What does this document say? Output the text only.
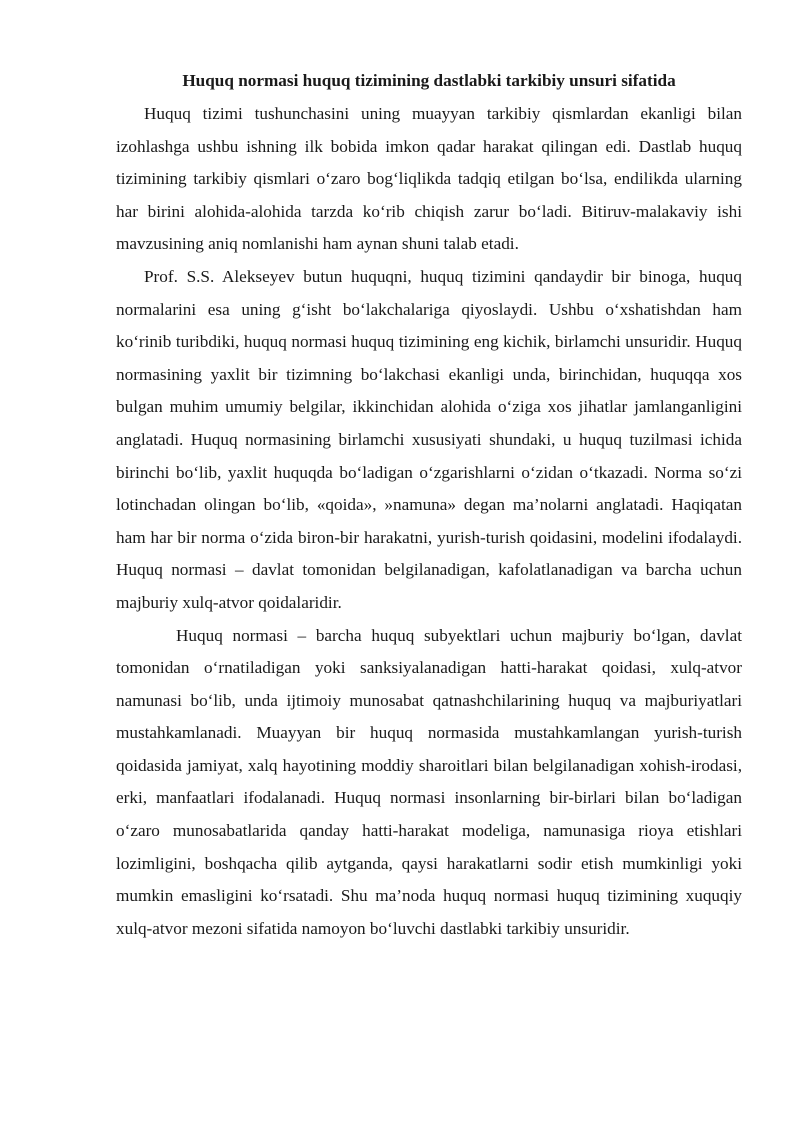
Huquq normasi huquq tizimining dastlabki tarkibiy unsuri sifatida

Huquq tizimi tushunchasini uning muayyan tarkibiy qismlardan ekanligi bilan izohlashga ushbu ishning ilk bobida imkon qadar harakat qilingan edi. Dastlab huquq tizimining tarkibiy qismlari o‘zaro bog‘liqlikda tadqiq etilgan bo‘lsa, endilikda ularning har birini alohida-alohida tarzda ko‘rib chiqish zarur bo‘ladi. Bitiruv-malakaviy ishi mavzusining aniq nomlanishi ham aynan shuni talab etadi.

Prof. S.S. Alekseyev butun huquqni, huquq tizimini qandaydir bir binoga, huquq normalarini esa uning g‘isht bo‘lakchalariga qiyoslaydi. Ushbu o‘xshatishdan ham ko‘rinib turibdiki, huquq normasi huquq tizimining eng kichik, birlamchi unsuridir. Huquq normasining yaxlit bir tizimning bo‘lakchasi ekanligi unda, birinchidan, huquqqa xos bulgan muhim umumiy belgilar, ikkinchidan alohida o‘ziga xos jihatlar jamlanganligini anglatadi. Huquq normasining birlamchi xususiyati shundaki, u huquq tuzilmasi ichida birinchi bo‘lib, yaxlit huquqda bo‘ladigan o‘zgarishlarni o‘zidan o‘tkazadi. Norma so‘zi lotinchadan olingan bo‘lib, «qoida», »namuna» degan ma’nolarni anglatadi. Haqiqatan ham har bir norma o‘zida biron-bir harakatni, yurish-turish qoidasini, modelini ifodalaydi. Huquq normasi – davlat tomonidan belgilanadigan, kafolatlanadigan va barcha uchun majburiy xulq-atvor qoidalaridir.

Huquq normasi – barcha huquq subyektlari uchun majburiy bo‘lgan, davlat tomonidan o‘rnatiladigan yoki sanksiyalanadigan hatti-harakat qoidasi, xulq-atvor namunasi bo‘lib, unda ijtimoiy munosabat qatnashchilarining huquq va majburiyatlari mustahkamlanadi. Muayyan bir huquq normasida mustahkamlangan yurish-turish qoidasida jamiyat, xalq hayotining moddiy sharoitlari bilan belgilanadigan xohish-irodasi, erki, manfaatlari ifodalanadi. Huquq normasi insonlarning bir-birlari bilan bo‘ladigan o‘zaro munosabatlarida qanday hatti-harakat modeliga, namunasiga rioya etishlari lozimligini, boshqacha qilib aytganda, qaysi harakatlarni sodir etish mumkinligi yoki mumkin emasligini ko‘rsatadi. Shu ma’noda huquq normasi huquq tizimining xuquqiy xulq-atvor mezoni sifatida namoyon bo‘luvchi dastlabki tarkibiy unsuridir.
